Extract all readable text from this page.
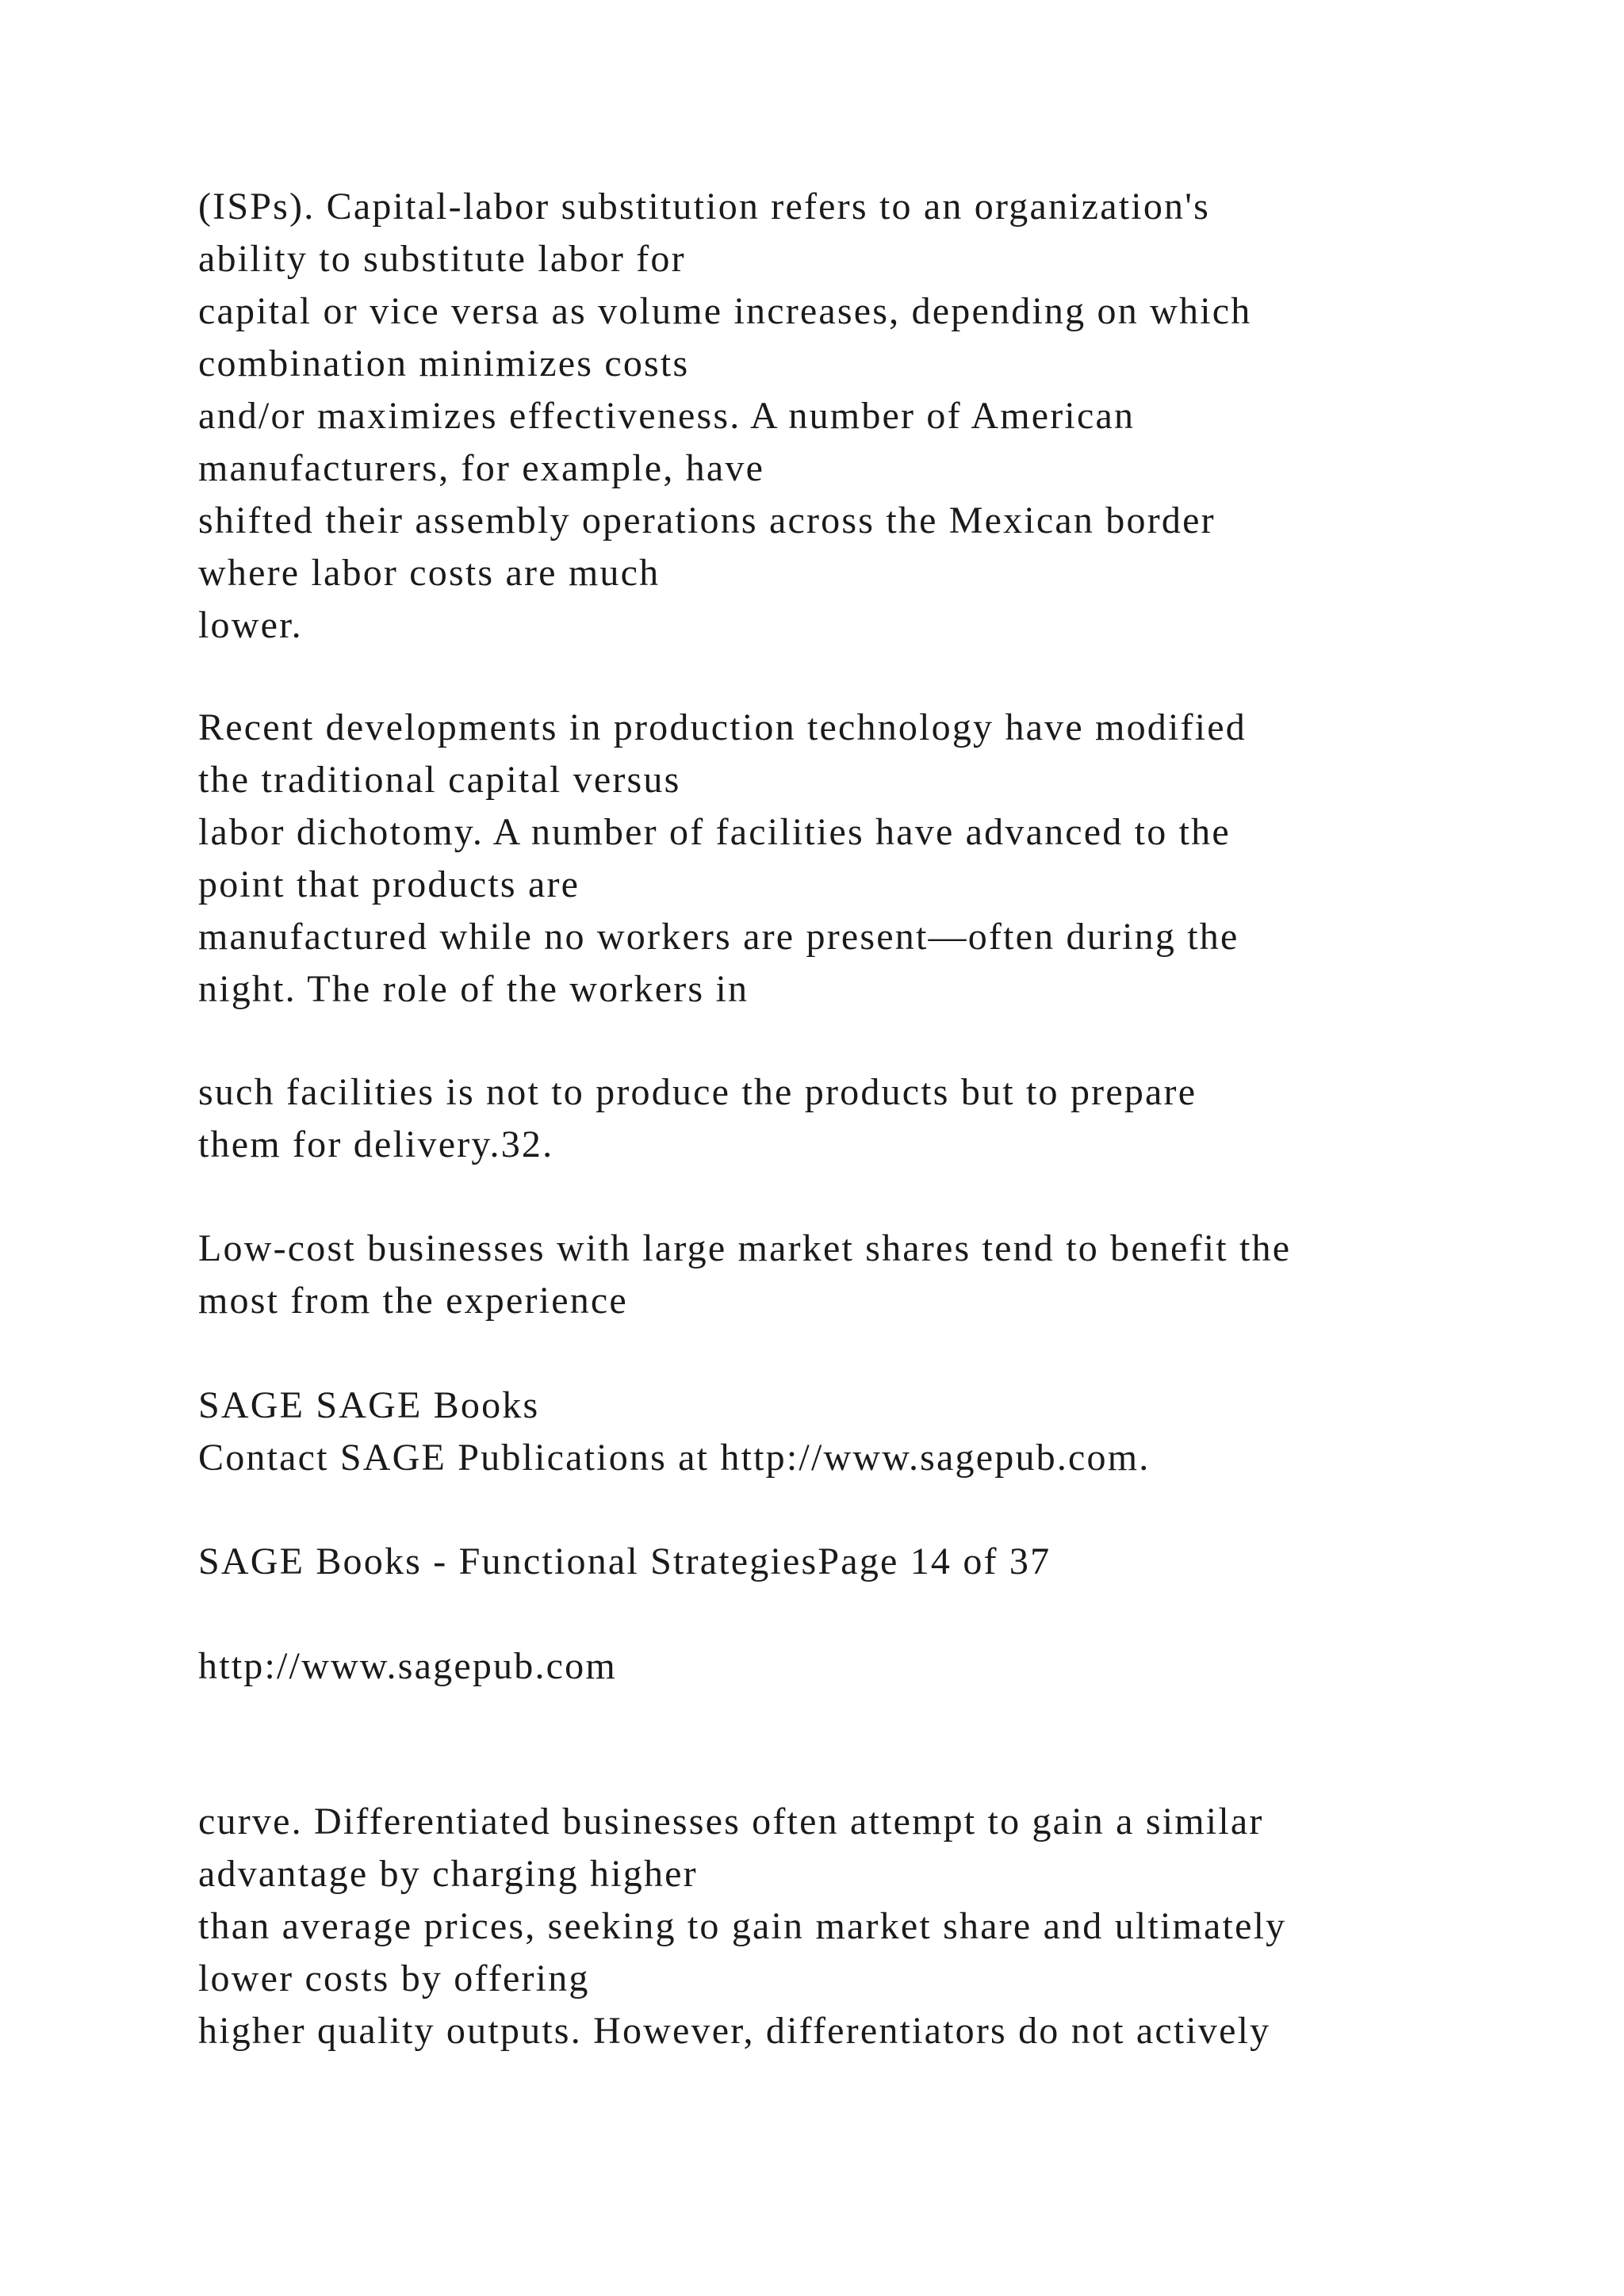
(ISPs). Capital-labor substitution refers to an organization's
ability to substitute labor for
capital or vice versa as volume increases, depending on which
combination minimizes costs
and/or maximizes effectiveness. A number of American
manufacturers, for example, have
shifted their assembly operations across the Mexican border
where labor costs are much
lower.
Recent developments in production technology have modified
the traditional capital versus
labor dichotomy. A number of facilities have advanced to the
point that products are
manufactured while no workers are present—often during the
night. The role of the workers in
such facilities is not to produce the products but to prepare
them for delivery.32.
Low-cost businesses with large market shares tend to benefit the
most from the experience
SAGE SAGE Books
Contact SAGE Publications at http://www.sagepub.com.
SAGE Books - Functional StrategiesPage 14 of 37
http://www.sagepub.com
curve. Differentiated businesses often attempt to gain a similar
advantage by charging higher
than average prices, seeking to gain market share and ultimately
lower costs by offering
higher quality outputs. However, differentiators do not actively
